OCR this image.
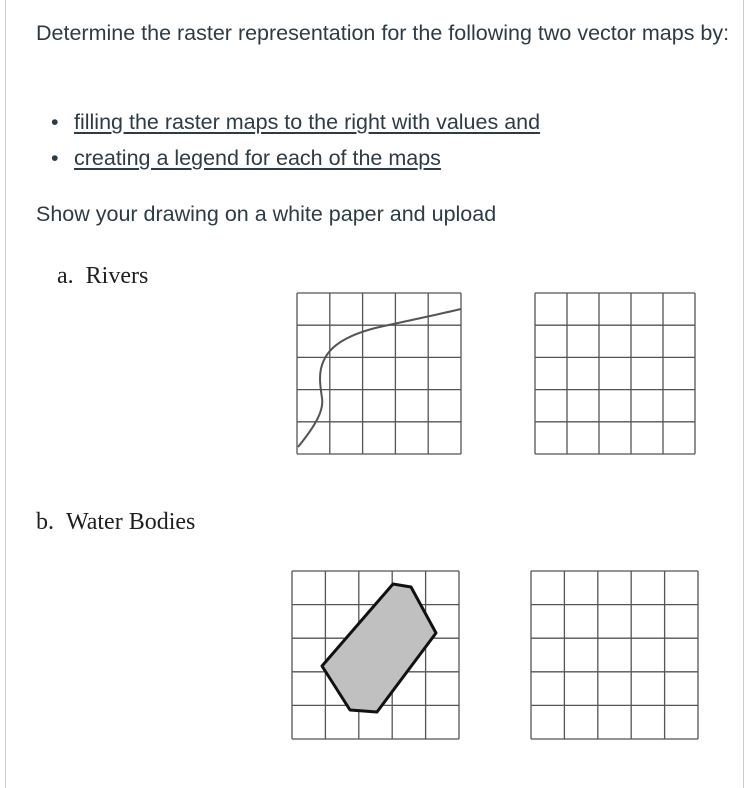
Determine the raster representation for the following two vector maps by:

• filling the raster maps to the right with values and
• creating a legend for each of the maps

Show your drawing on a white paper and upload

a. Rivers
b. Water Bodies
